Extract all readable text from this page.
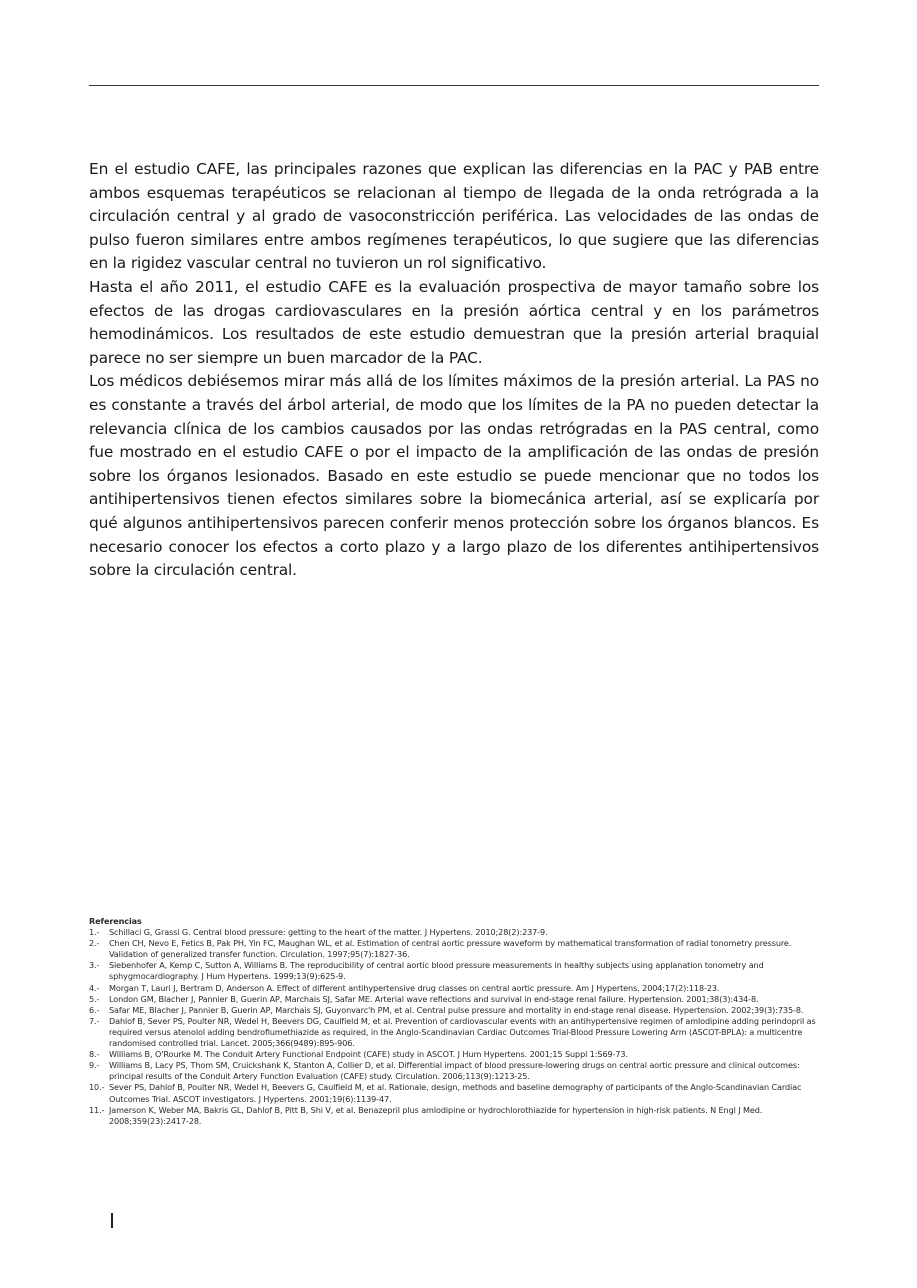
En el estudio CAFE, las principales razones que explican las diferencias en la PAC y PAB entre ambos esquemas terapéuticos se relacionan al tiempo de llegada de la onda retrógrada a la circulación central y al grado de vasoconstricción periférica. Las velocidades de las ondas de pulso fueron similares entre ambos regímenes terapéuticos, lo que sugiere que las diferencias en la rigidez vascular central no tuvieron un rol significativo.

Hasta el año 2011, el estudio CAFE es la evaluación prospectiva de mayor tamaño sobre los efectos de las drogas cardiovasculares en la presión aórtica central y en los parámetros hemodinámicos. Los resultados de este estudio demuestran que la presión arterial braquial parece no ser siempre un buen marcador de la PAC.

Los médicos debiésemos mirar más allá de los límites máximos de la presión arterial. La PAS no es constante a través del árbol arterial, de modo que los límites de la PA no pueden detectar la relevancia clínica de los cambios causados por las ondas retrógradas en la PAS central, como fue mostrado en el estudio CAFE o por el impacto de la amplificación de las ondas de presión sobre los órganos lesionados. Basado en este estudio se puede mencionar que no todos los antihipertensivos tienen efectos similares sobre la biomecánica arterial, así se explicaría por qué algunos antihipertensivos parecen conferir menos protección sobre los órganos blancos. Es necesario conocer los efectos a corto plazo y a largo plazo de los diferentes antihipertensivos sobre la circulación central.

Referencias
1.-	Schillaci G, Grassi G. Central blood pressure: getting to the heart of the matter. J Hypertens. 2010;28(2):237-9.
2.-	Chen CH, Nevo E, Fetics B, Pak PH, Yin FC, Maughan WL, et al. Estimation of central aortic pressure waveform by mathematical transformation of radial tonometry pressure. Validation of generalized transfer function. Circulation. 1997;95(7):1827-36.
3.-	Siebenhofer A, Kemp C, Sutton A, Williams B. The reproducibility of central aortic blood pressure measurements in healthy subjects using applanation tonometry and sphygmocardiography. J Hum Hypertens. 1999;13(9):625-9.
4.-	Morgan T, Lauri J, Bertram D, Anderson A. Effect of different antihypertensive drug classes on central aortic pressure. Am J Hypertens. 2004;17(2):118-23.
5.-	London GM, Blacher J, Pannier B, Guerin AP, Marchais SJ, Safar ME. Arterial wave reflections and survival in end-stage renal failure. Hypertension. 2001;38(3):434-8.
6.-	Safar ME, Blacher J, Pannier B, Guerin AP, Marchais SJ, Guyonvarc'h PM, et al. Central pulse pressure and mortality in end-stage renal disease. Hypertension. 2002;39(3):735-8.
7.-	Dahlof B, Sever PS, Poulter NR, Wedel H, Beevers DG, Caulfield M, et al. Prevention of cardiovascular events with an antihypertensive regimen of amlodipine adding perindopril as required versus atenolol adding bendroflumethiazide as required, in the Anglo-Scandinavian Cardiac Outcomes Trial-Blood Pressure Lowering Arm (ASCOT-BPLA): a multicentre randomised controlled trial. Lancet. 2005;366(9489):895-906.
8.-	Williams B, O'Rourke M. The Conduit Artery Functional Endpoint (CAFE) study in ASCOT. J Hum Hypertens. 2001;15 Suppl 1:S69-73.
9.-	Williams B, Lacy PS, Thom SM, Cruickshank K, Stanton A, Collier D, et al. Differential impact of blood pressure-lowering drugs on central aortic pressure and clinical outcomes: principal results of the Conduit Artery Function Evaluation (CAFE) study. Circulation. 2006;113(9):1213-25.
10.- Sever PS, Dahlof B, Poulter NR, Wedel H, Beevers G, Caulfield M, et al. Rationale, design, methods and baseline demography of participants of the Anglo-Scandinavian Cardiac Outcomes Trial. ASCOT investigators. J Hypertens. 2001;19(6):1139-47.
11.- Jamerson K, Weber MA, Bakris GL, Dahlof B, Pitt B, Shi V, et al. Benazepril plus amlodipine or hydrochlorothiazide for hypertension in high-risk patients. N Engl J Med. 2008;359(23):2417-28.
